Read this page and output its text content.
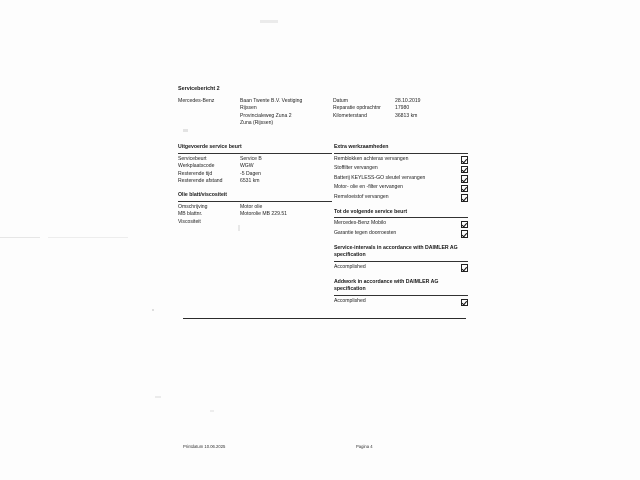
Servicebericht 2
Mercedes-Benz	Baan Twente B.V. Vestiging
Rijssen
Provincialeweg Zuna 2
Zuna (Rijssen)
Datum	28.10.2019
Reparatie opdrachtnr	17980
Kilometerstand	36813 km
Uitgevoerde service beurt
Servicebeurt	Service B
Werkplaatscode	WGW
Resterende tijd	-5 Dagen
Resterende afstand	6531 km
Olie blatt/viscositeit
Omschrijving	Motor olie
MB blattnr.	Motorolie MB 229.51
Viscositeit
Extra werkzaamheden
Remblokken achteras vervangen
Stoffilter vervangen
Batterij KEYLESS-GO sleutel vervangen
Motor- olie en -filter vervangen
Remvloeistof vervangen
Tot de volgende service beurt
Mercedes-Benz Mobilo
Garantie tegen doorroesten
Service-intervals in accordance with DAIMLER AG specification
Accomplished
Addwork in accordance with DAIMLER AG specification
Accomplished
Printdatum 10.06.2025	Pagina 4
